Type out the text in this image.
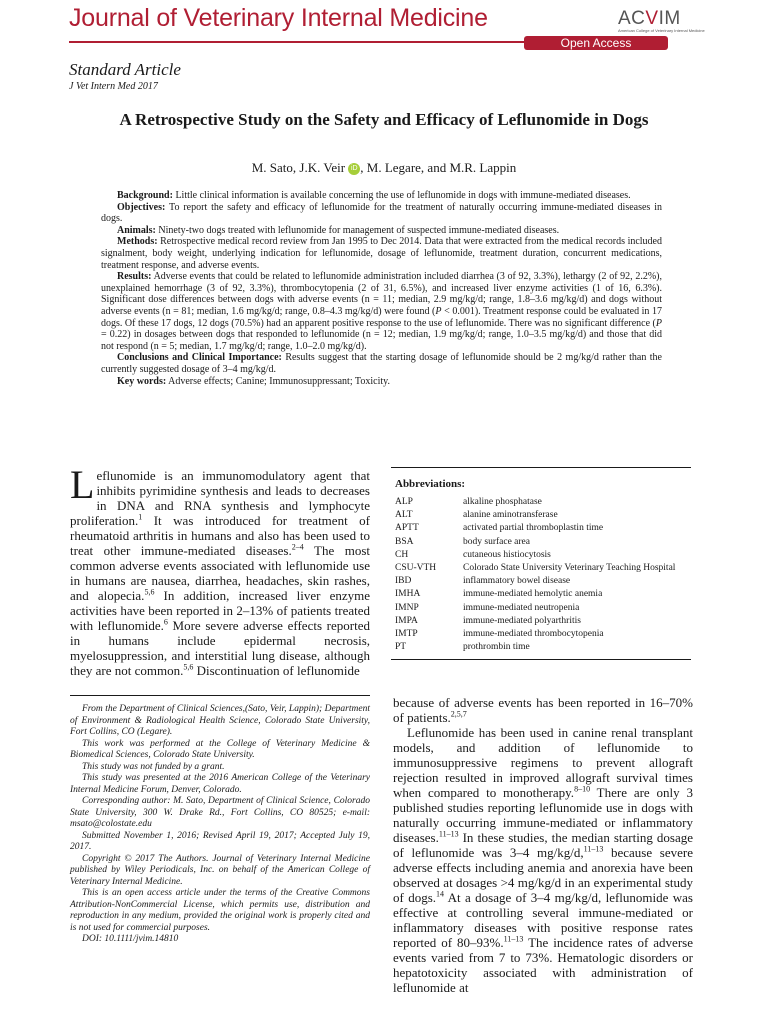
Journal of Veterinary Internal Medicine
Open Access
ACVIM
American College of Veterinary Internal Medicine
Standard Article
J Vet Intern Med 2017
A Retrospective Study on the Safety and Efficacy of Leflunomide in Dogs
M. Sato, J.K. Veir iD , M. Legare, and M.R. Lappin

Background: Little clinical information is available concerning the use of leflunomide in dogs with immune-mediated diseases.

Objectives: To report the safety and efficacy of leflunomide for the treatment of naturally occurring immune-mediated diseases in dogs.

Animals: Ninety-two dogs treated with leflunomide for management of suspected immune-mediated diseases.

Methods: Retrospective medical record review from Jan 1995 to Dec 2014. Data that were extracted from the medical records included signalment, body weight, underlying indication for leflunomide, dosage of leflunomide, treatment duration, concurrent medications, treatment response, and adverse events.

Results: Adverse events that could be related to leflunomide administration included diarrhea (3 of 92, 3.3%), lethargy (2 of 92, 2.2%), unexplained hemorrhage (3 of 92, 3.3%), thrombocytopenia (2 of 31, 6.5%), and increased liver enzyme activities (1 of 16, 6.3%). Significant dose differences between dogs with adverse events (n = 11; median, 2.9 mg/kg/d; range, 1.8–3.6 mg/kg/d) and dogs without adverse events (n = 81; median, 1.6 mg/kg/d; range, 0.8–4.3 mg/kg/d) were found (P < 0.001). Treatment response could be evaluated in 17 dogs. Of these 17 dogs, 12 dogs (70.5%) had an apparent positive response to the use of leflunomide. There was no significant difference (P = 0.22) in dosages between dogs that responded to leflunomide (n = 12; median, 1.9 mg/kg/d; range, 1.0–3.5 mg/kg/d) and those that did not respond (n = 5; median, 1.7 mg/kg/d; range, 1.0–2.0 mg/kg/d).

Conclusions and Clinical Importance: Results suggest that the starting dosage of leflunomide should be 2 mg/kg/d rather than the currently suggested dosage of 3–4 mg/kg/d.

Key words: Adverse effects; Canine; Immunosuppressant; Toxicity.

Leflunomide is an immunomodulatory agent that inhibits pyrimidine synthesis and leads to decreases in DNA and RNA synthesis and lymphocyte proliferation.$^1$ It was introduced for treatment of rheumatoid arthritis in humans and also has been used to treat other immune-mediated diseases.$^{2-4}$ The most common adverse events associated with leflunomide use in humans are nausea, diarrhea, headaches, skin rashes, and alopecia.$^{5,6}$ In addition, increased liver enzyme activities have been reported in 2–13% of patients treated with leflunomide.$^6$ More severe adverse effects reported in humans include epidermal necrosis, myelosuppression, and interstitial lung disease, although they are not common.$^{5,6}$ Discontinuation of leflunomide

Abbreviations:
ALP	alkaline phosphatase
ALT	alanine aminotransferase
APTT	activated partial thromboplastin time
BSA	body surface area
CH	cutaneous histiocytosis
CSU-VTH	Colorado State University Veterinary Teaching Hospital
IBD	inflammatory bowel disease
IMHA	immune-mediated hemolytic anemia
IMNP	immune-mediated neutropenia
IMPA	immune-mediated polyarthritis
IMTP	immune-mediated thrombocytopenia
PT	prothrombin time

From the Department of Clinical Sciences,(Sato, Veir, Lappin); Department of Environment & Radiological Health Science, Colorado State University, Fort Collins, CO (Legare).

This work was performed at the College of Veterinary Medicine & Biomedical Sciences, Colorado State University.

This study was not funded by a grant.

This study was presented at the 2016 American College of the Veterinary Internal Medicine Forum, Denver, Colorado.

Corresponding author: M. Sato, Department of Clinical Science, Colorado State University, 300 W. Drake Rd., Fort Collins, CO 80525; e-mail: msato@colostate.edu

Submitted November 1, 2016; Revised April 19, 2017; Accepted July 19, 2017.

Copyright © 2017 The Authors. Journal of Veterinary Internal Medicine published by Wiley Periodicals, Inc. on behalf of the American College of Veterinary Internal Medicine.

This is an open access article under the terms of the Creative Commons Attribution-NonCommercial License, which permits use, distribution and reproduction in any medium, provided the original work is properly cited and is not used for commercial purposes.

DOI: 10.1111/jvim.14810

because of adverse events has been reported in 16–70% of patients.$^{2,5,7}$

Leflunomide has been used in canine renal transplant models, and addition of leflunomide to immunosuppressive regimens to prevent allograft rejection resulted in improved allograft survival times when compared to monotherapy.$^{8-10}$ There are only 3 published studies reporting leflunomide use in dogs with naturally occurring immune-mediated or inflammatory diseases.$^{11-13}$ In these studies, the median starting dosage of leflunomide was 3–4 mg/kg/d,$^{11-13}$ because severe adverse effects including anemia and anorexia have been observed at dosages >4 mg/kg/d in an experimental study of dogs.$^{14}$ At a dosage of 3–4 mg/kg/d, leflunomide was effective at controlling several immune-mediated or inflammatory diseases with positive response rates reported of 80–93%.$^{11-13}$ The incidence rates of adverse events varied from 7 to 73%. Hematologic disorders or hepatotoxicity associated with administration of leflunomide at
